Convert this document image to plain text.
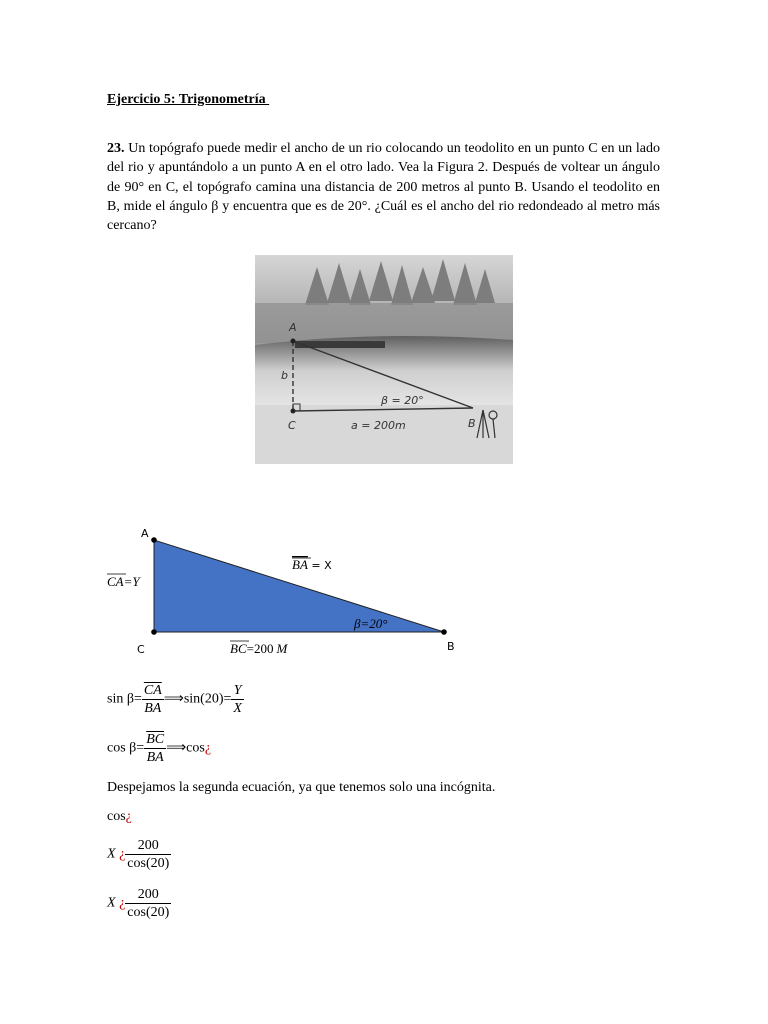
Ejercicio 5: Trigonometría
23. Un topógrafo puede medir el ancho de un rio colocando un teodolito en un punto C en un lado del rio y apuntándolo a un punto A en el otro lado. Vea la Figura 2. Después de voltear un ángulo de 90° en C, el topógrafo camina una distancia de 200 metros al punto B. Usando el teodolito en B, mide el ángulo β y encuentra que es de 20°. ¿Cuál es el ancho del rio redondeado al metro más cercano?
A
b
C	B
β = 20°
a = 200m
A
C	B
BA = X
CA=Y
β=20°
BC=200 M
$\sin \beta= \frac{\overline{CA}}{BA}$ ⟹sin(20)= $\frac{Y}{X}$
$\cos \beta= \frac{\overline{BC}}{BA}$ ⟹cos¿
Despejamos la segunda ecuación, ya que tenemos solo una incógnita.
cos¿
X ¿ $\frac{200}{\cos(20)}$
X ¿ $\frac{200}{\cos(20)}$
